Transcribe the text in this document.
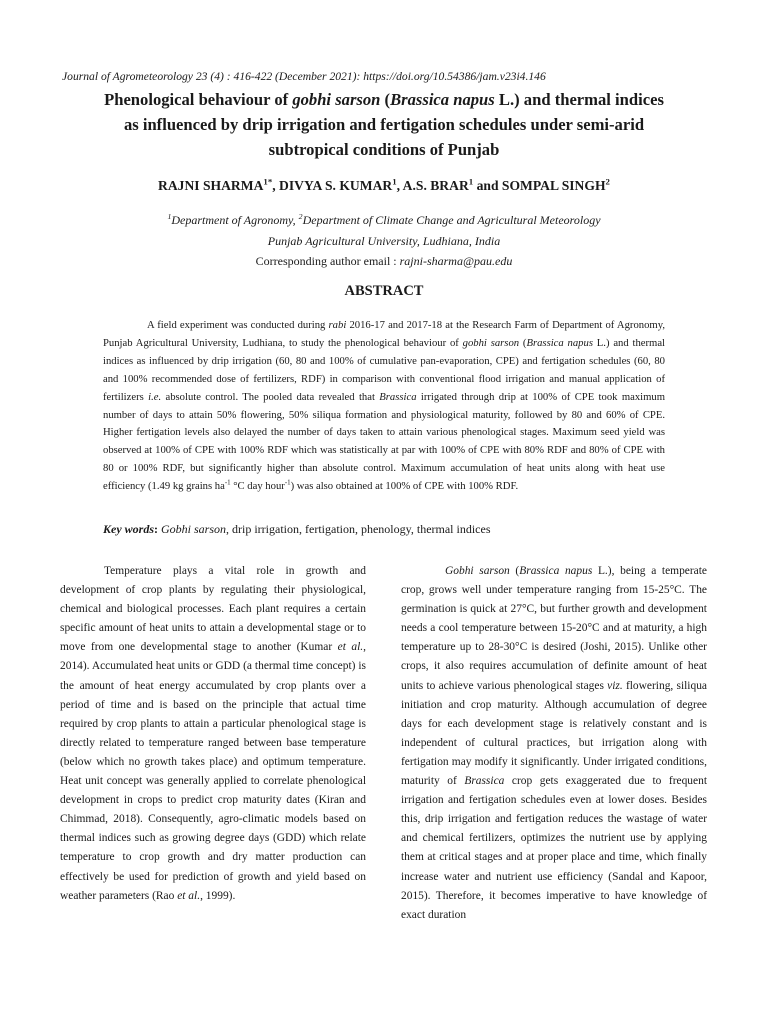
Journal of Agrometeorology 23 (4) : 416-422 (December 2021): https://doi.org/10.54386/jam.v23i4.146
Phenological behaviour of gobhi sarson (Brassica napus L.) and thermal indices
as influenced by drip irrigation and fertigation schedules under semi-arid
subtropical conditions of Punjab
RAJNI $SHARMA^{1*}$, DIVYA S. KUMAR$^1$, A.S. BRAR$^1$ and SOMPAL SINGH$^2$
$^1$Department of Agronomy, $^2$Department of Climate Change and Agricultural Meteorology
Punjab Agricultural University, Ludhiana, India
Corresponding author email : rajni-sharma@pau.edu
ABSTRACT

A field experiment was conducted during rabi 2016-17 and 2017-18 at the Research Farm of Department of Agronomy, Punjab Agricultural University, Ludhiana, to study the phenological behaviour of gobhi sarson (Brassica napus L.) and thermal indices as influenced by drip irrigation (60, 80 and 100% of cumulative pan-evaporation, CPE) and fertigation schedules (60, 80 and 100% recommended dose of fertilizers, RDF) in comparison with conventional flood irrigation and manual application of fertilizers i.e. absolute control. The pooled data revealed that Brassica irrigated through drip at 100% of CPE took maximum number of days to attain 50% flowering, 50% siliqua formation and physiological maturity, followed by 80 and 60% of CPE. Higher fertigation levels also delayed the number of days taken to attain various phenological stages. Maximum seed yield was observed at 100% of CPE with 100% RDF which was statistically at par with 100% of CPE with 80% RDF and 80% of CPE with 80 or 100% RDF, but significantly higher than absolute control. Maximum accumulation of heat units along with heat use efficiency (1.49 kg grains $ha^{-1}$ °C day hour$^{-1}$) was also obtained at 100% of CPE with 100% RDF.

Key words: Gobhi sarson, drip irrigation, fertigation, phenology, thermal indices

Temperature plays a vital role in growth and development of crop plants by regulating their physiological, chemical and biological processes. Each plant requires a certain specific amount of heat units to attain a developmental stage or to move from one developmental stage to another (Kumar et al., 2014). Accumulated heat units or GDD (a thermal time concept) is the amount of heat energy accumulated by crop plants over a period of time and is based on the principle that actual time required by crop plants to attain a particular phenological stage is directly related to temperature ranged between base temperature (below which no growth takes place) and optimum temperature. Heat unit concept was generally applied to correlate phenological development in crops to predict crop maturity dates (Kiran and Chimmad, 2018). Consequently, agro-climatic models based on thermal indices such as growing degree days (GDD) which relate temperature to crop growth and dry matter production can effectively be used for prediction of growth and yield based on weather parameters (Rao et al., 1999).

Gobhi sarson (Brassica napus L.), being a temperate crop, grows well under temperature ranging from 15-25°C. The germination is quick at 27°C, but further growth and development needs a cool temperature between 15-20°C and at maturity, a high temperature up to 28-30°C is desired (Joshi, 2015). Unlike other crops, it also requires accumulation of definite amount of heat units to achieve various phenological stages viz. flowering, siliqua initiation and crop maturity. Although accumulation of degree days for each development stage is relatively constant and is independent of cultural practices, but irrigation along with fertigation may modify it significantly. Under irrigated conditions, maturity of Brassica crop gets exaggerated due to frequent irrigation and fertigation schedules even at lower doses. Besides this, drip irrigation and fertigation reduces the wastage of water and chemical fertilizers, optimizes the nutrient use by applying them at critical stages and at proper place and time, which finally increase water and nutrient use efficiency (Sandal and Kapoor, 2015). Therefore, it becomes imperative to have knowledge of exact duration
